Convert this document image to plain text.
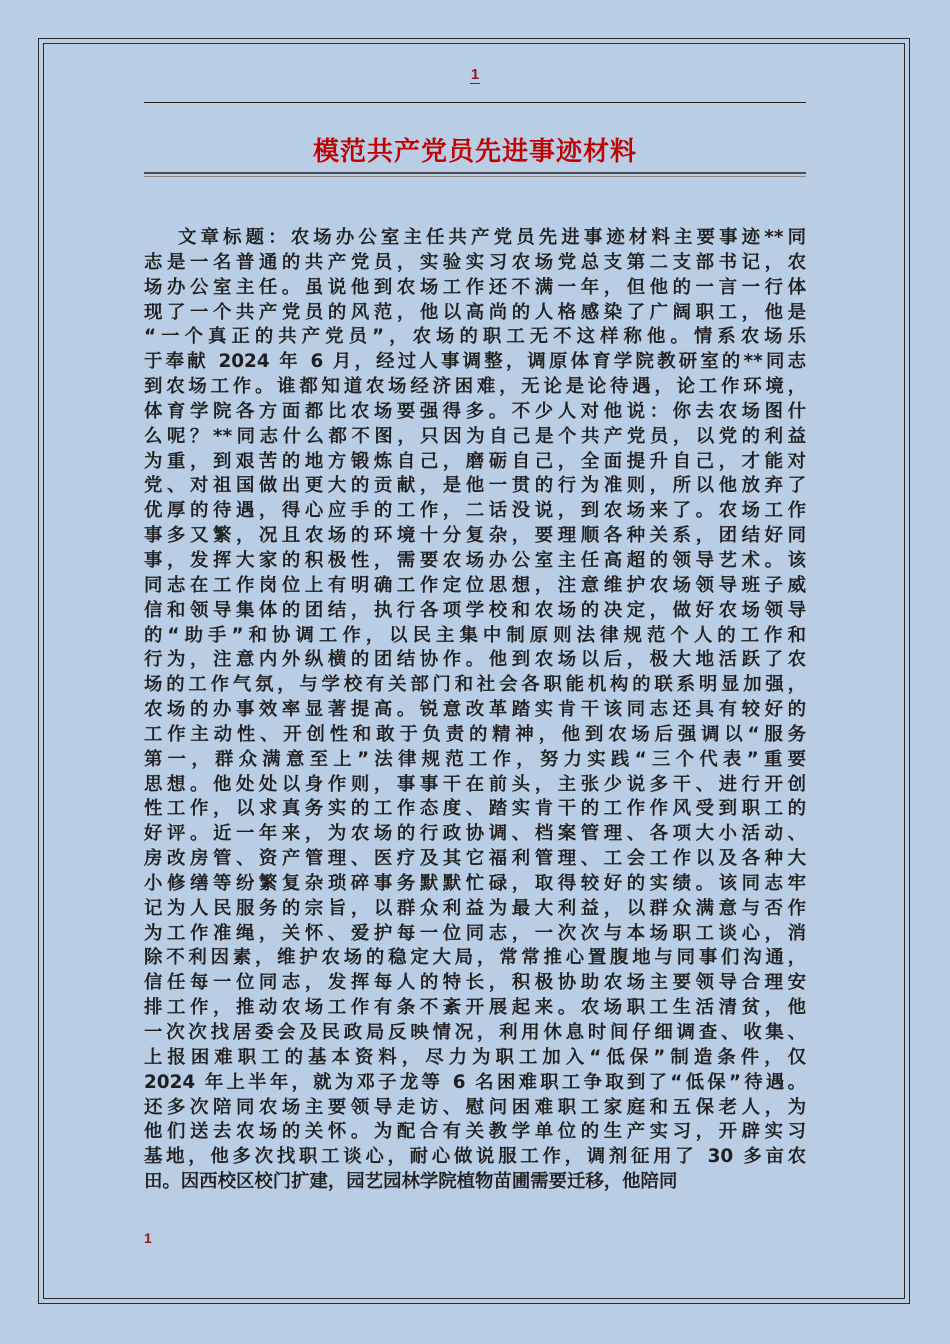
1
模范共产党员先进事迹材料
文章标题：农场办公室主任共产党员先进事迹材料主要事迹**同
志是一名普通的共产党员，实验实习农场党总支第二支部书记，农
场办公室主任。虽说他到农场工作还不满一年，但他的一言一行体
现了一个共产党员的风范，他以高尚的人格感染了广阔职工，他是
“一个真正的共产党员”，农场的职工无不这样称他。情系农场乐
于奉献 2024 年 6 月，经过人事调整，调原体育学院教研室的**同志
到农场工作。谁都知道农场经济困难，无论是论待遇，论工作环境，
体育学院各方面都比农场要强得多。不少人对他说：你去农场图什
么呢？**同志什么都不图，只因为自己是个共产党员，以党的利益
为重，到艰苦的地方锻炼自己，磨砺自己，全面提升自己，才能对
党、对祖国做出更大的贡献，是他一贯的行为准则，所以他放弃了
优厚的待遇，得心应手的工作，二话没说，到农场来了。农场工作
事多又繁，况且农场的环境十分复杂，要理顺各种关系，团结好同
事，发挥大家的积极性，需要农场办公室主任高超的领导艺术。该
同志在工作岗位上有明确工作定位思想，注意维护农场领导班子威
信和领导集体的团结，执行各项学校和农场的决定，做好农场领导
的“助手”和协调工作，以民主集中制原则法律规范个人的工作和
行为，注意内外纵横的团结协作。他到农场以后，极大地活跃了农
场的工作气氛，与学校有关部门和社会各职能机构的联系明显加强，
农场的办事效率显著提高。锐意改革踏实肯干该同志还具有较好的
工作主动性、开创性和敢于负责的精神，他到农场后强调以“服务
第一，群众满意至上”法律规范工作，努力实践“三个代表”重要
思想。他处处以身作则，事事干在前头，主张少说多干、进行开创
性工作，以求真务实的工作态度、踏实肯干的工作作风受到职工的
好评。近一年来，为农场的行政协调、档案管理、各项大小活动、
房改房管、资产管理、医疗及其它福利管理、工会工作以及各种大
小修缮等纷繁复杂琐碎事务默默忙碌，取得较好的实绩。该同志牢
记为人民服务的宗旨，以群众利益为最大利益，以群众满意与否作
为工作准绳，关怀、爱护每一位同志，一次次与本场职工谈心，消
除不利因素，维护农场的稳定大局，常常推心置腹地与同事们沟通，
信任每一位同志，发挥每人的特长，积极协助农场主要领导合理安
排工作，推动农场工作有条不紊开展起来。农场职工生活清贫，他
一次次找居委会及民政局反映情况，利用休息时间仔细调查、收集、
上报困难职工的基本资料，尽力为职工加入“低保”制造条件，仅
2024 年上半年，就为邓子龙等 6 名困难职工争取到了“低保”待遇。
还多次陪同农场主要领导走访、慰问困难职工家庭和五保老人，为
他们送去农场的关怀。为配合有关教学单位的生产实习，开辟实习
基地，他多次找职工谈心，耐心做说服工作，调剂征用了 30 多亩农
田。因西校区校门扩建，园艺园林学院植物苗圃需要迁移，他陪同
1
